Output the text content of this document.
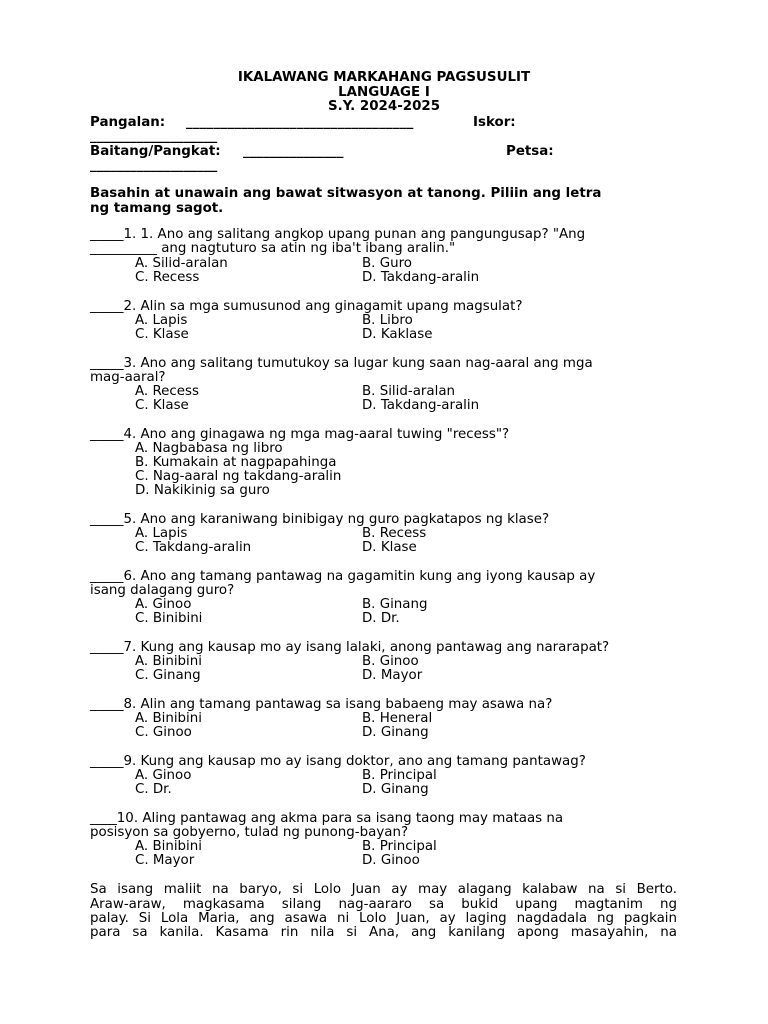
IKALAWANG MARKAHANG PAGSUSULIT
LANGUAGE I
S.Y. 2024-2025
Pangalan: _________________________________	Iskor:
___________________
Baitang/Pangkat: _______________	Petsa:
___________________
Basahin at unawain ang bawat sitwasyon at tanong. Piliin ang letra
ng tamang sagot.
_____1. 1. Ano ang salitang angkop upang punan ang pangungusap? "Ang
__________ ang nagtuturo sa atin ng iba't ibang aralin."
A. Silid-aralan	B. Guro
C. Recess	D. Takdang-aralin
_____2. Alin sa mga sumusunod ang ginagamit upang magsulat?
A. Lapis	B. Libro
C. Klase	D. Kaklase
_____3. Ano ang salitang tumutukoy sa lugar kung saan nag-aaral ang mga
mag-aaral?
A. Recess	B. Silid-aralan
C. Klase	D. Takdang-aralin
_____4. Ano ang ginagawa ng mga mag-aaral tuwing "recess"?
A. Nagbabasa ng libro
B. Kumakain at nagpapahinga
C. Nag-aaral ng takdang-aralin
D. Nakikinig sa guro
_____5. Ano ang karaniwang binibigay ng guro pagkatapos ng klase?
A. Lapis	B. Recess
C. Takdang-aralin	D. Klase
_____6. Ano ang tamang pantawag na gagamitin kung ang iyong kausap ay
isang dalagang guro?
A. Ginoo	B. Ginang
C. Binibini	D. Dr.
_____7. Kung ang kausap mo ay isang lalaki, anong pantawag ang nararapat?
A. Binibini	B. Ginoo
C. Ginang	D. Mayor
_____8. Alin ang tamang pantawag sa isang babaeng may asawa na?
A. Binibini	B. Heneral
C. Ginoo	D. Ginang
_____9. Kung ang kausap mo ay isang doktor, ano ang tamang pantawag?
A. Ginoo	B. Principal
C. Dr.	D. Ginang
____10. Aling pantawag ang akma para sa isang taong may mataas na
posisyon sa gobyerno, tulad ng punong-bayan?
A. Binibini	B. Principal
C. Mayor	D. Ginoo
Sa isang maliit na baryo, si Lolo Juan ay may alagang kalabaw na si Berto.
Araw-araw, magkasama silang nag-aararo sa bukid upang magtanim ng
palay. Si Lola Maria, ang asawa ni Lolo Juan, ay laging nagdadala ng pagkain
para sa kanila. Kasama rin nila si Ana, ang kanilang apong masayahin, na
